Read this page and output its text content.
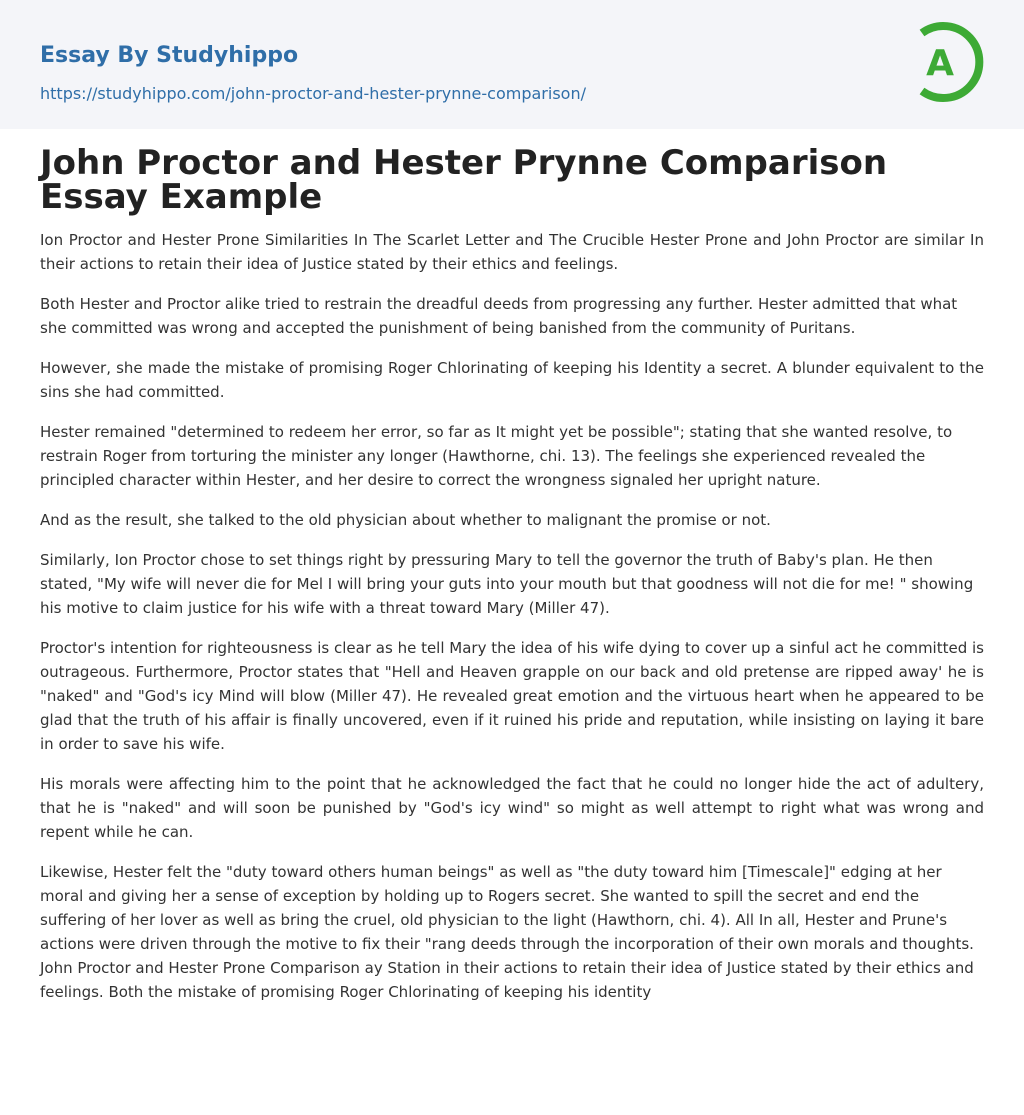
Essay By Studyhippo
https://studyhippo.com/john-proctor-and-hester-prynne-comparison/
A
John Proctor and Hester Prynne Comparison Essay Example

Ion Proctor and Hester Prone Similarities In The Scarlet Letter and The Crucible Hester Prone and John Proctor are similar In their actions to retain their idea of Justice stated by their ethics and feelings.

Both Hester and Proctor alike tried to restrain the dreadful deeds from progressing any further. Hester admitted that what she committed was wrong and accepted the punishment of being banished from the community of Puritans.

However, she made the mistake of promising Roger Chlorinating of keeping his Identity a secret. A blunder equivalent to the sins she had committed.

Hester remained "determined to redeem her error, so far as It might yet be possible"; stating that she wanted resolve, to restrain Roger from torturing the minister any longer (Hawthorne, chi. 13). The feelings she experienced revealed the principled character within Hester, and her desire to correct the wrongness signaled her upright nature.

And as the result, she talked to the old physician about whether to malignant the promise or not.

Similarly, Ion Proctor chose to set things right by pressuring Mary to tell the governor the truth of Baby's plan. He then stated, "My wife will never die for Mel I will bring your guts into your mouth but that goodness will not die for me! " showing his motive to claim justice for his wife with a threat toward Mary (Miller 47).

Proctor's intention for righteousness is clear as he tell Mary the idea of his wife dying to cover up a sinful act he committed is outrageous. Furthermore, Proctor states that "Hell and Heaven grapple on our back and old pretense are ripped away' he is "naked" and "God's icy Mind will blow (Miller 47). He revealed great emotion and the virtuous heart when he appeared to be glad that the truth of his affair is finally uncovered, even if it ruined his pride and reputation, while insisting on laying it bare in order to save his wife.

His morals were affecting him to the point that he acknowledged the fact that he could no longer hide the act of adultery, that he is "naked" and will soon be punished by "God's icy wind" so might as well attempt to right what was wrong and repent while he can.

Likewise, Hester felt the "duty toward others human beings" as well as "the duty toward him [Timescale]" edging at her moral and giving her a sense of exception by holding up to Rogers secret. She wanted to spill the secret and end the suffering of her lover as well as bring the cruel, old physician to the light (Hawthorn, chi. 4). All In all, Hester and Prune's actions were driven through the motive to fix their "rang deeds through the incorporation of their own morals and thoughts. John Proctor and Hester Prone Comparison ay Station in their actions to retain their idea of Justice stated by their ethics and feelings. Both the mistake of promising Roger Chlorinating of keeping his identity
